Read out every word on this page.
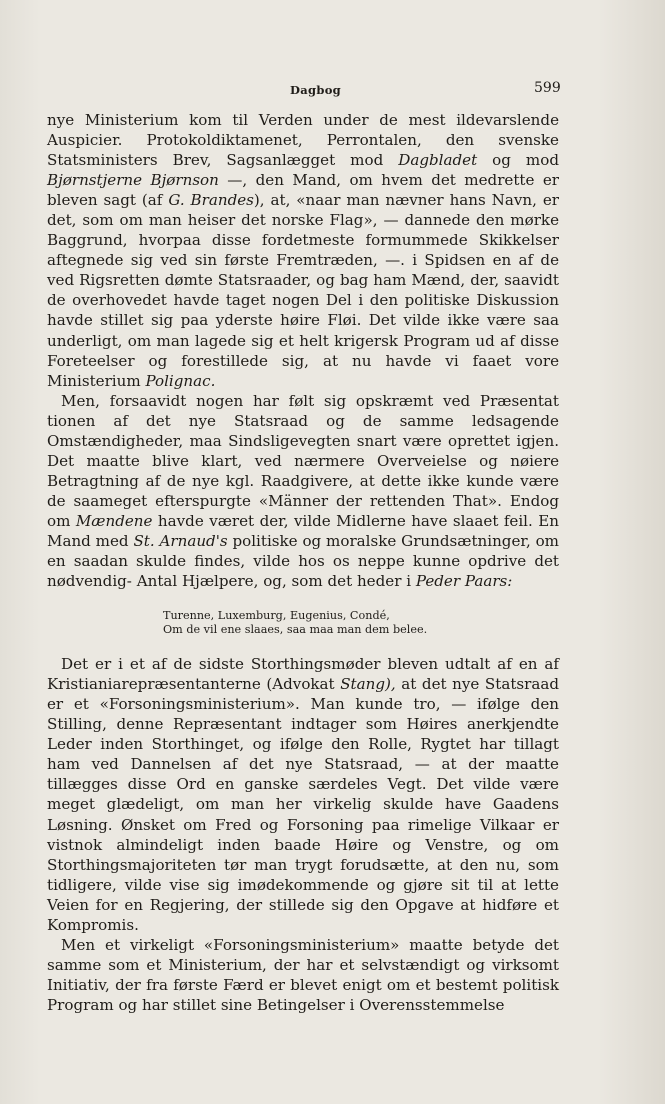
Dagbog	599

nye Ministerium kom til Verden under de mest ildevarslende Auspicier. Protokoldiktamenet, Perrontalen, den svenske Statsministers Brev, Sagsanlægget mod Dagbladet og mod Bjørnstjerne Bjørnson —, den Mand, om hvem det medrette er bleven sagt (af G. Brandes), at, «naar man nævner hans Navn, er det, som om man heiser det norske Flag», — dannede den mørke Baggrund, hvorpaa disse fordetmeste formummede Skikkelser aftegnede sig ved sin første Fremtræden, —. i Spidsen en af de ved Rigsretten dømte Statsraader, og bag ham Mænd, der, saavidt de overhovedet havde taget nogen Del i den politiske Diskussion havde stillet sig paa yderste høire Fløi. Det vilde ikke være saa underligt, om man lagede sig et helt krigersk Program ud af disse Foreteelser og forestillede sig, at nu havde vi faaet vore Ministerium Polignac.

Men, forsaavidt nogen har følt sig opskræmt ved Præsentat tionen af det nye Statsraad og de samme ledsagende Omstændigheder, maa Sindsligevegten snart være oprettet igjen. Det maatte blive klart, ved nærmere Overveielse og nøiere Betragtning af de nye kgl. Raadgivere, at dette ikke kunde være de saameget efterspurgte «Männer der rettenden That». Endog om Mændene havde været der, vilde Midlerne have slaaet feil. En Mand med St. Arnaud's politiske og moralske Grundsætninger, om en saadan skulde findes, vilde hos os neppe kunne opdrive det nødvendig- Antal Hjælpere, og, som det heder i Peder Paars:

Turenne, Luxemburg, Eugenius, Condé,
Om de vil ene slaaes, saa maa man dem belee.

Det er i et af de sidste Storthingsmøder bleven udtalt af en af Kristianiarepræsentanterne (Advokat Stang), at det nye Statsraad er et «Forsoningsministerium». Man kunde tro, — ifølge den Stilling, denne Repræsentant indtager som Høires anerkjendte Leder inden Storthinget, og ifølge den Rolle, Rygtet har tillagt ham ved Dannelsen af det nye Statsraad, — at der maatte tillægges disse Ord en ganske særdeles Vegt. Det vilde være meget glædeligt, om man her virkelig skulde have Gaadens Løsning. Ønsket om Fred og Forsoning paa rimelige Vilkaar er vistnok almindeligt inden baade Høire og Venstre, og om Storthingsmajoriteten tør man trygt forudsætte, at den nu, som tidligere, vilde vise sig imødekommende og gjøre sit til at lette Veien for en Regjering, der stillede sig den Opgave at hidføre et Kompromis.

Men et virkeligt «Forsoningsministerium» maatte betyde det samme som et Ministerium, der har et selvstændigt og virksomt Initiativ, der fra første Færd er blevet enigt om et bestemt politisk Program og har stillet sine Betingelser i Overensstemmelse
